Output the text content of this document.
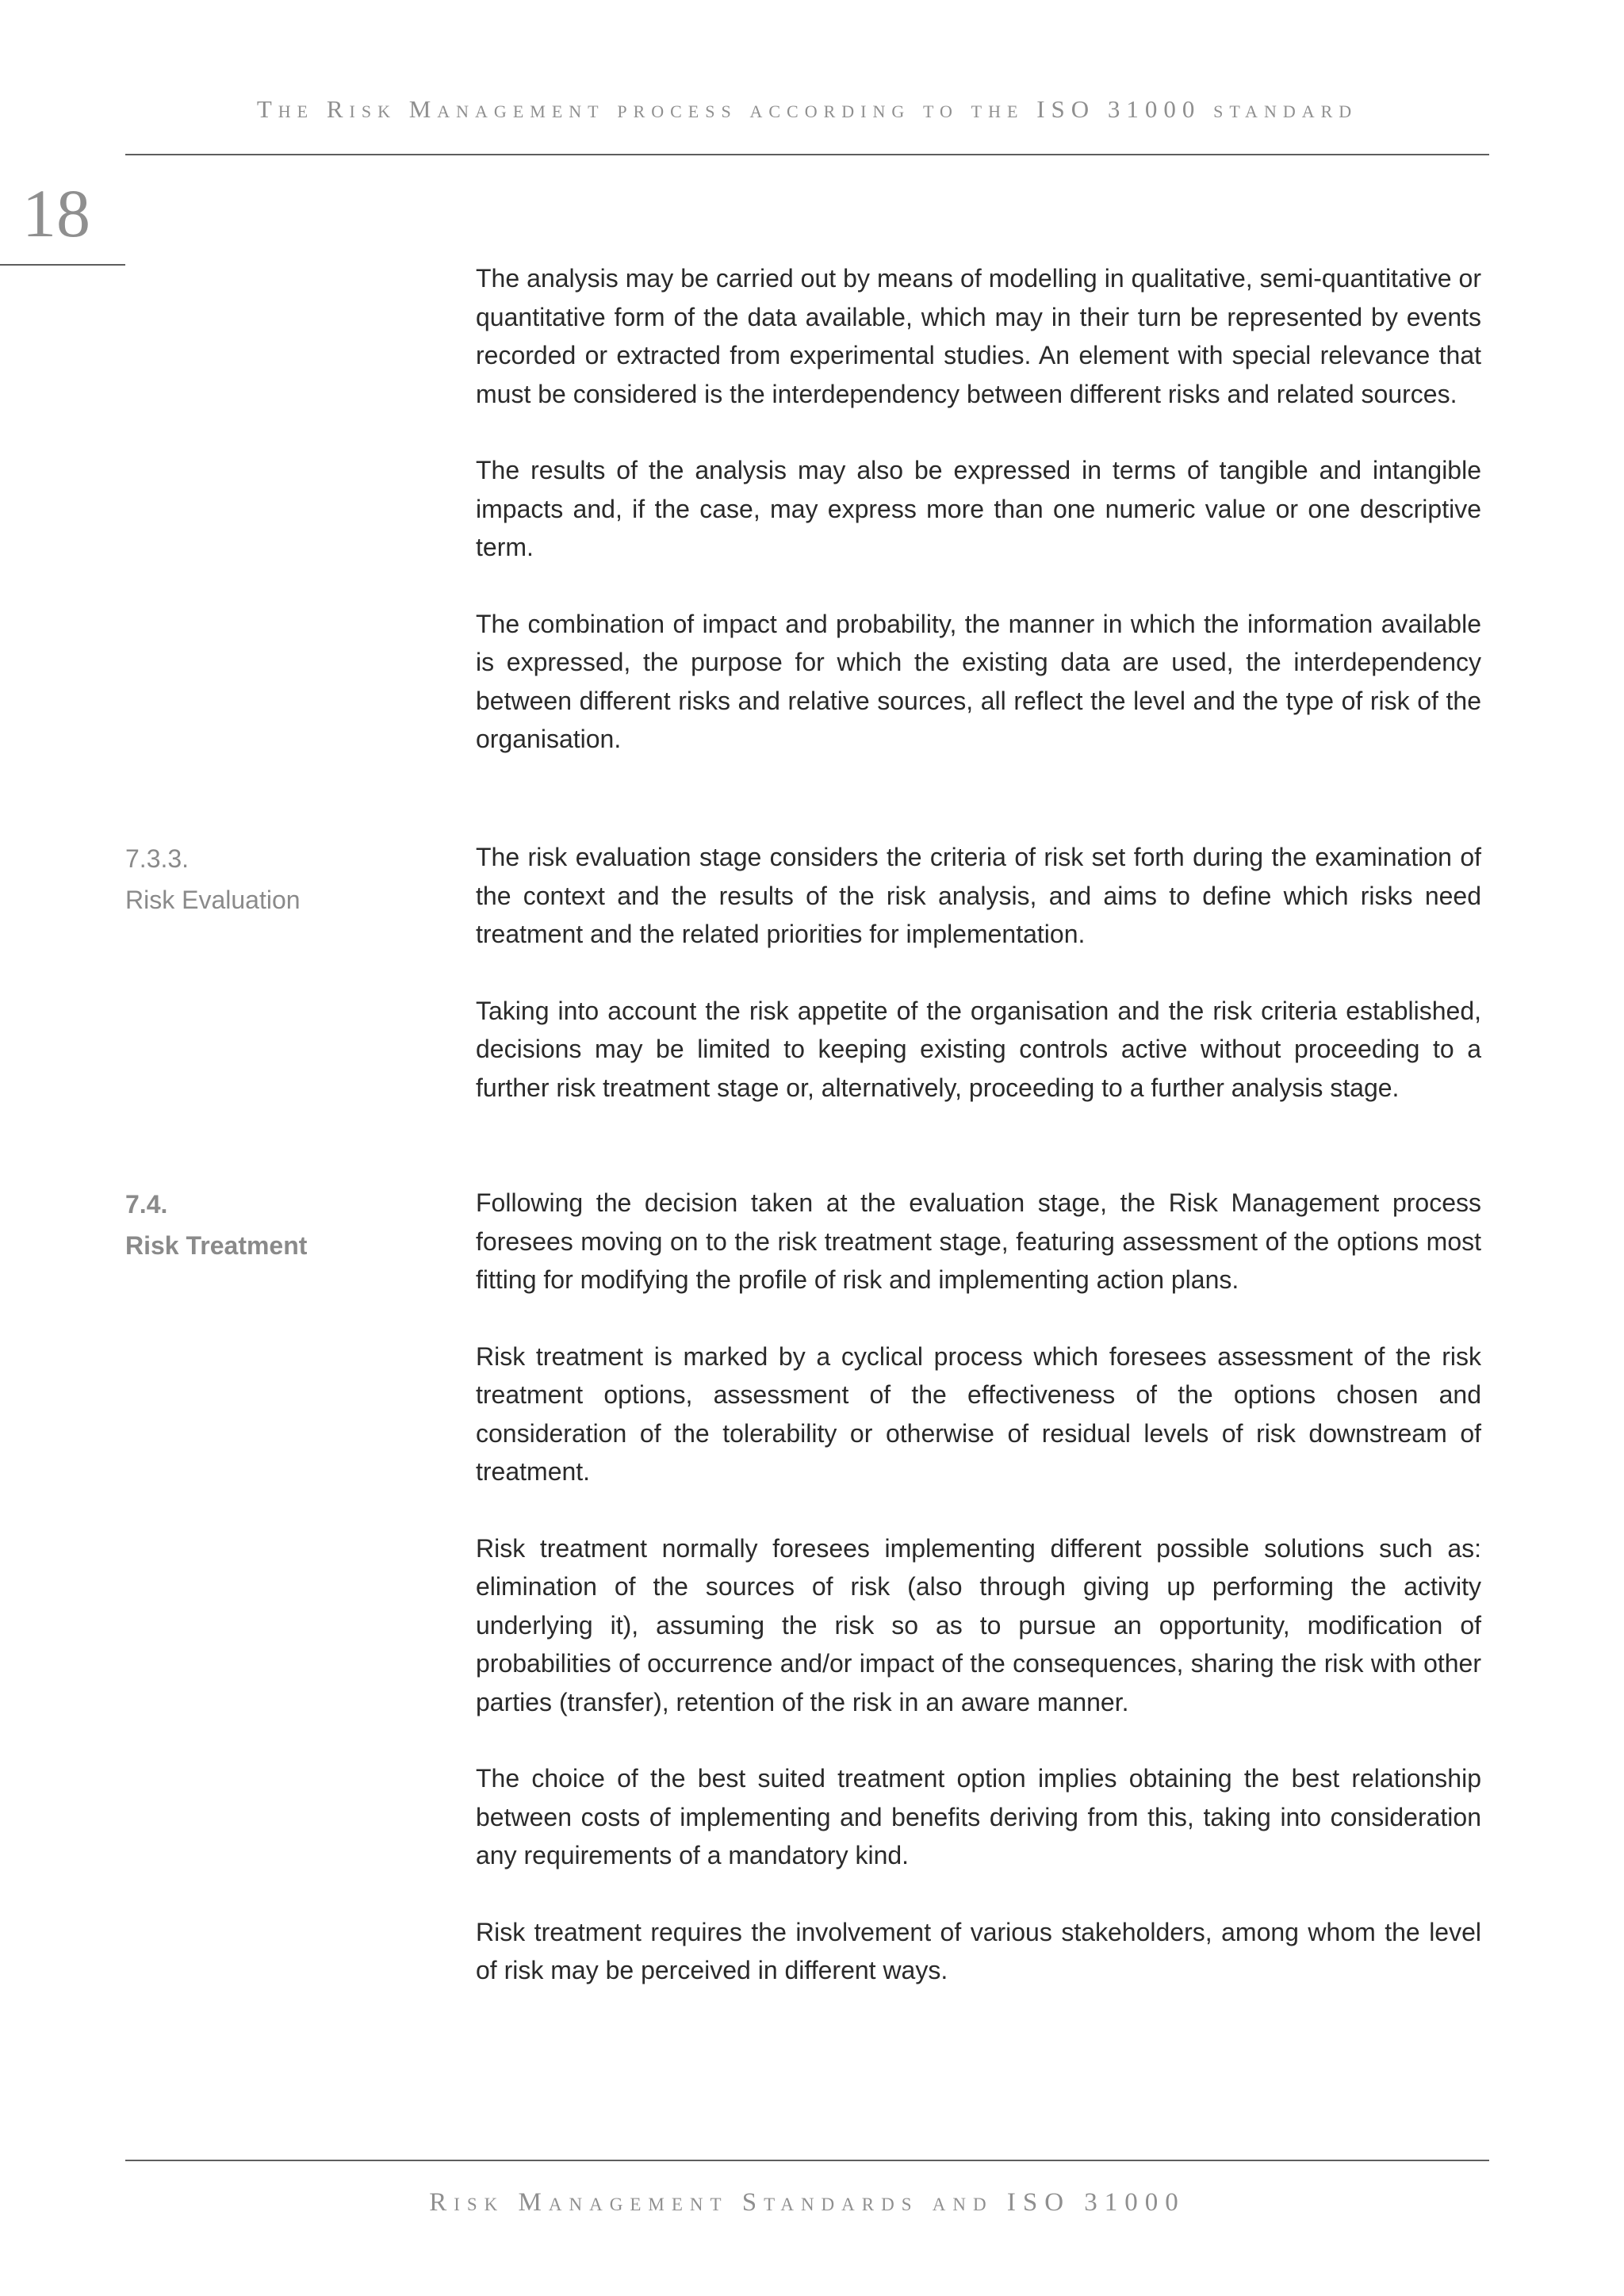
The Risk Management process according to the ISO 31000 standard
18

The analysis may be carried out by means of modelling in qualitative, semi-quantitative or quantitative form of the data available, which may in their turn be represented by events recorded or extracted from experimental studies. An element with special relevance that must be considered is the interdependency between different risks and related sources.

The results of the analysis may also be expressed in terms of tangible and intangible impacts and, if the case, may express more than one numeric value or one descriptive term.

The combination of impact and probability, the manner in which the information available is expressed, the purpose for which the existing data are used, the interdependency between different risks and relative sources, all reflect the level and the type of risk of the organisation.

7.3.3.
Risk Evaluation

The risk evaluation stage considers the criteria of risk set forth during the examination of the context and the results of the risk analysis, and aims to define which risks need treatment and the related priorities for implementation.

Taking into account the risk appetite of the organisation and the risk criteria established, decisions may be limited to keeping existing controls active without proceeding to a further risk treatment stage or, alternatively, proceeding to a further analysis stage.

7.4.
Risk Treatment

Following the decision taken at the evaluation stage, the Risk Management process foresees moving on to the risk treatment stage, featuring assessment of the options most fitting for modifying the profile of risk and implementing action plans.

Risk treatment is marked by a cyclical process which foresees assessment of the risk treatment options, assessment of the effectiveness of the options chosen and consideration of the tolerability or otherwise of residual levels of risk downstream of treatment.

Risk treatment normally foresees implementing different possible solutions such as: elimination of the sources of risk (also through giving up performing the activity underlying it), assuming the risk so as to pursue an opportunity, modification of probabilities of occurrence and/or impact of the consequences, sharing the risk with other parties (transfer), retention of the risk in an aware manner.

The choice of the best suited treatment option implies obtaining the best relationship between costs of implementing and benefits deriving from this, taking into consideration any requirements of a mandatory kind.

Risk treatment requires the involvement of various stakeholders, among whom the level of risk may be perceived in different ways.

Risk Management Standards and ISO 31000
